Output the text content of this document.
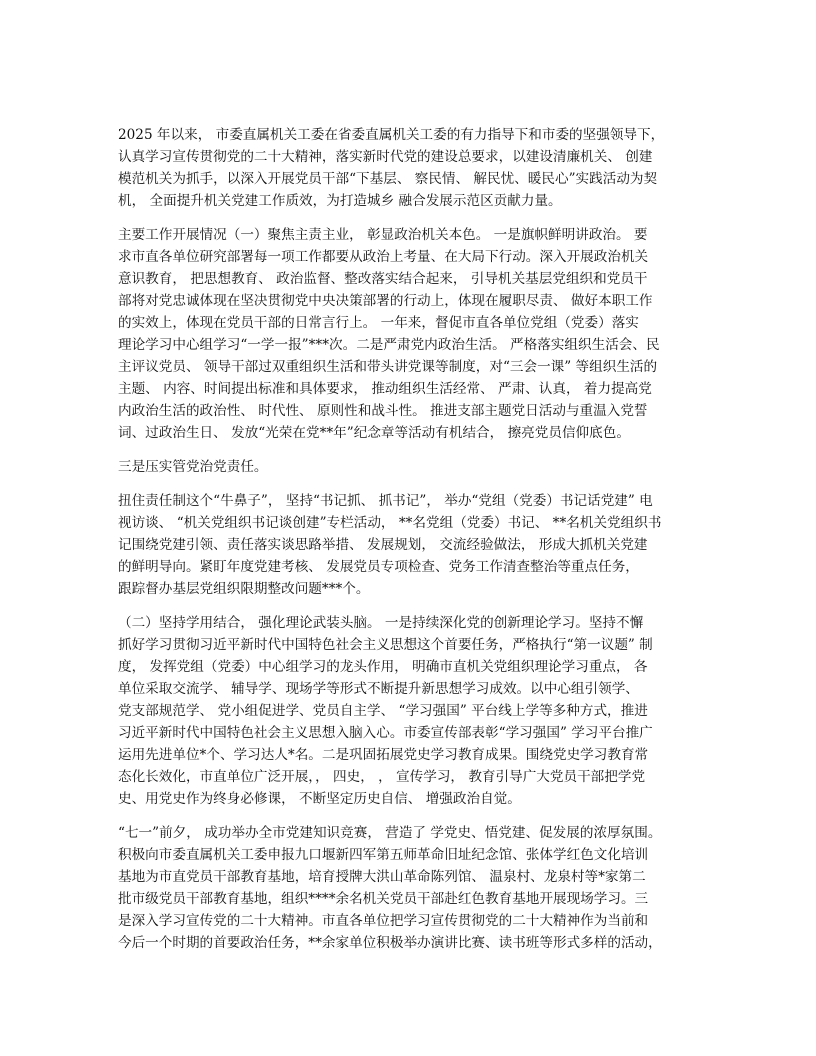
2025 年以来， 市委直属机关工委在省委直属机关工委的有力指导下和市委的坚强领导下，
认真学习宣传贯彻党的二十大精神，落实新时代党的建设总要求，以建设清廉机关、 创建
模范机关为抓手，以深入开展党员干部“下基层、 察民情、 解民忧、暖民心”实践活动为契
机， 全面提升机关党建工作质效，为打造城乡 融合发展示范区贡献力量。
主要工作开展情况（一）聚焦主责主业， 彰显政治机关本色。 一是旗帜鲜明讲政治。 要
求市直各单位研究部署每一项工作都要从政治上考量、在大局下行动。深入开展政治机关
意识教育， 把思想教育、 政治监督、整改落实结合起来， 引导机关基层党组织和党员干
部将对党忠诚体现在坚决贯彻党中央决策部署的行动上，体现在履职尽责、 做好本职工作
的实效上，体现在党员干部的日常言行上。 一年来，督促市直各单位党组（党委）落实
理论学习中心组学习“一学一报”***次。二是严肃党内政治生活。 严格落实组织生活会、民
主评议党员、 领导干部过双重组织生活和带头讲党课等制度，对“三会一课” 等组织生活的
主题、 内容、时间提出标准和具体要求， 推动组织生活经常、 严肃、认真， 着力提高党
内政治生活的政治性、 时代性、 原则性和战斗性。 推进支部主题党日活动与重温入党誓
词、过政治生日、 发放“光荣在党**年”纪念章等活动有机结合， 擦亮党员信仰底色。
三是压实管党治党责任。
扭住责任制这个“牛鼻子”， 坚持“书记抓、 抓书记”， 举办“党组（党委）书记话党建” 电
视访谈、 “机关党组织书记谈创建”专栏活动， **名党组（党委）书记、 **名机关党组织书
记围绕党建引领、责任落实谈思路举措、 发展规划， 交流经验做法， 形成大抓机关党建
的鲜明导向。紧盯年度党建考核、 发展党员专项检查、党务工作清查整治等重点任务，
跟踪督办基层党组织限期整改问题***个。
（二）坚持学用结合， 强化理论武装头脑。 一是持续深化党的创新理论学习。坚持不懈
抓好学习贯彻习近平新时代中国特色社会主义思想这个首要任务，严格执行“第一议题” 制
度， 发挥党组（党委）中心组学习的龙头作用， 明确市直机关党组织理论学习重点， 各
单位采取交流学、 辅导学、现场学等形式不断提升新思想学习成效。以中心组引领学、
党支部规范学、 党小组促进学、党员自主学、 “学习强国” 平台线上学等多种方式，推进
习近平新时代中国特色社会主义思想入脑入心。市委宣传部表彰“学习强国” 学习平台推广
运用先进单位*个、学习达人*名。二是巩固拓展党史学习教育成果。围绕党史学习教育常
态化长效化，市直单位广泛开展，， 四史， ， 宣传学习， 教育引导广大党员干部把学党
史、用党史作为终身必修课， 不断坚定历史自信、 增强政治自觉。
“七一”前夕， 成功举办全市党建知识竞赛， 营造了 学党史、悟党建、促发展的浓厚氛围。
积极向市委直属机关工委申报九口堰新四军第五师革命旧址纪念馆、张体学红色文化培训
基地为市直党员干部教育基地，培育授牌大洪山革命陈列馆、 温泉村、龙泉村等*家第二
批市级党员干部教育基地，组织****余名机关党员干部赴红色教育基地开展现场学习。三
是深入学习宣传党的二十大精神。市直各单位把学习宣传贯彻党的二十大精神作为当前和
今后一个时期的首要政治任务，**余家单位积极举办演讲比赛、读书班等形式多样的活动，
